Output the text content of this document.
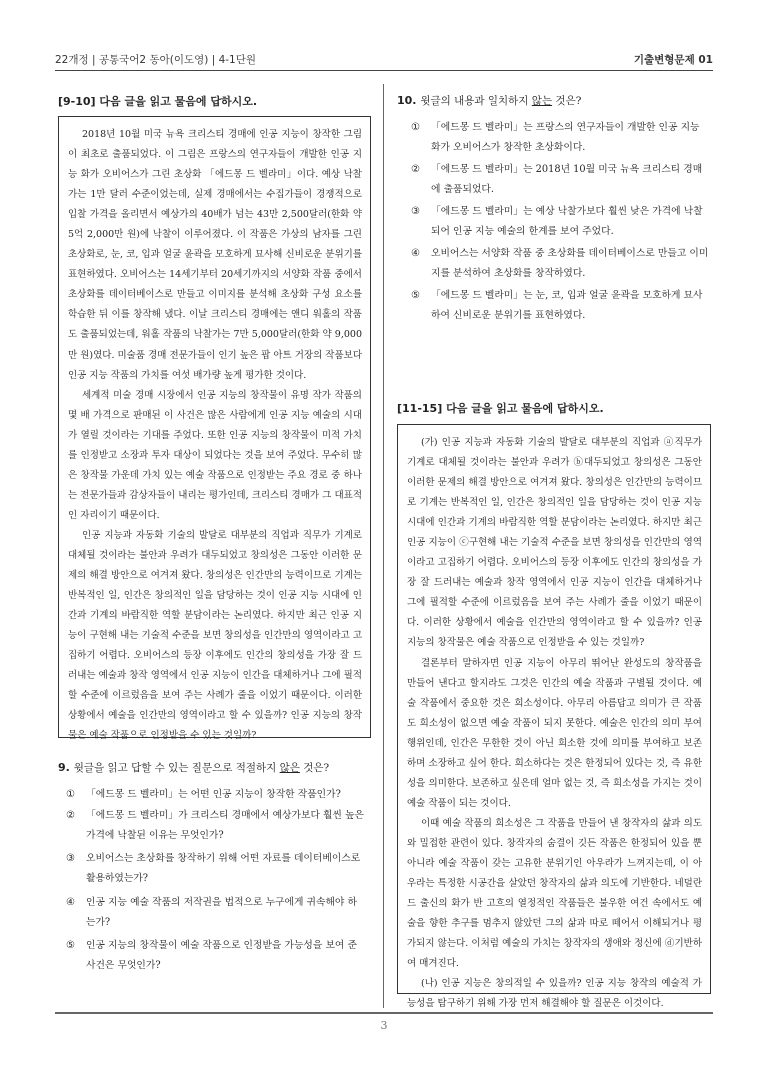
22개정 | 공통국어2 동아(이도영) | 4-1단원	기출변형문제 01
[9-10] 다음 글을 읽고 물음에 답하시오.

2018년 10월 미국 뉴욕 크리스티 경매에 인공 지능이 창작한 그림이 최초로 출품되었다. 이 그림은 프랑스의 연구자들이 개발한 인공 지능 화가 오비어스가 그린 초상화 「에드몽 드 벨라미」이다. 예상 낙찰가는 1만 달러 수준이었는데, 실제 경매에서는 수집가들이 경쟁적으로 입찰 가격을 올리면서 예상가의 40배가 넘는 43만 2,500달러(한화 약 5억 2,000만 원)에 낙찰이 이루어졌다. 이 작품은 가상의 남자를 그린 초상화로, 눈, 코, 입과 얼굴 윤곽을 모호하게 묘사해 신비로운 분위기를 표현하였다. 오비어스는 14세기부터 20세기까지의 서양화 작품 중에서 초상화를 데이터베이스로 만들고 이미지를 분석해 초상화 구성 요소를 학습한 뒤 이를 창작해 냈다. 이날 크리스티 경매에는 앤디 워홀의 작품도 출품되었는데, 워홀 작품의 낙찰가는 7만 5,000달러(한화 약 9,000만 원)였다. 미술품 경매 전문가들이 인기 높은 팝 아트 거장의 작품보다 인공 지능 작품의 가치를 여섯 배가량 높게 평가한 것이다.

세계적 미술 경매 시장에서 인공 지능의 창작물이 유명 작가 작품의 몇 배 가격으로 판매된 이 사건은 많은 사람에게 인공 지능 예술의 시대가 열릴 것이라는 기대를 주었다. 또한 인공 지능의 창작물이 미적 가치를 인정받고 소장과 투자 대상이 되었다는 것을 보여 주었다. 무수히 많은 창작물 가운데 가치 있는 예술 작품으로 인정받는 주요 경로 중 하나는 전문가들과 감상자들이 내리는 평가인데, 크리스티 경매가 그 대표적인 자리이기 때문이다.

인공 지능과 자동화 기술의 발달로 대부분의 직업과 직무가 기계로 대체될 것이라는 불안과 우려가 대두되었고 창의성은 그동안 이러한 문제의 해결 방안으로 여겨져 왔다. 창의성은 인간만의 능력이므로 기계는 반복적인 일, 인간은 창의적인 일을 담당하는 것이 인공 지능 시대에 인간과 기계의 바람직한 역할 분담이라는 논리였다. 하지만 최근 인공 지능이 구현해 내는 기술적 수준을 보면 창의성을 인간만의 영역이라고 고집하기 어렵다. 오비어스의 등장 이후에도 인간의 창의성을 가장 잘 드러내는 예술과 창작 영역에서 인공 지능이 인간을 대체하거나 그에 필적할 수준에 이르렀음을 보여 주는 사례가 줄을 이었기 때문이다. 이러한 상황에서 예술을 인간만의 영역이라고 할 수 있을까? 인공 지능의 창작물은 예술 작품으로 인정받을 수 있는 것일까?

9. 윗글을 읽고 답할 수 있는 질문으로 적절하지 않은 것은?
① 「에드몽 드 벨라미」는 어떤 인공 지능이 창작한 작품인가?
② 「에드몽 드 벨라미」가 크리스티 경매에서 예상가보다 훨씬 높은 가격에 낙찰된 이유는 무엇인가?
③ 오비어스는 초상화를 창작하기 위해 어떤 자료를 데이터베이스로 활용하였는가?
④ 인공 지능 예술 작품의 저작권을 법적으로 누구에게 귀속해야 하는가?
⑤ 인공 지능의 창작물이 예술 작품으로 인정받을 가능성을 보여 준 사건은 무엇인가?
10. 윗글의 내용과 일치하지 않는 것은?
① 「에드몽 드 벨라미」는 프랑스의 연구자들이 개발한 인공 지능 화가 오비어스가 창작한 초상화이다.
② 「에드몽 드 벨라미」는 2018년 10월 미국 뉴욕 크리스티 경매에 출품되었다.
③ 「에드몽 드 벨라미」는 예상 낙찰가보다 훨씬 낮은 가격에 낙찰되어 인공 지능 예술의 한계를 보여 주었다.
④ 오비어스는 서양화 작품 중 초상화를 데이터베이스로 만들고 이미지를 분석하여 초상화를 창작하였다.
⑤ 「에드몽 드 벨라미」는 눈, 코, 입과 얼굴 윤곽을 모호하게 묘사하여 신비로운 분위기를 표현하였다.
[11-15] 다음 글을 읽고 물음에 답하시오.

(가) 인공 지능과 자동화 기술의 발달로 대부분의 직업과 ⓐ직무가 기계로 대체될 것이라는 불안과 우려가 ⓑ대두되었고 창의성은 그동안 이러한 문제의 해결 방안으로 여겨져 왔다. 창의성은 인간만의 능력이므로 기계는 반복적인 일, 인간은 창의적인 일을 담당하는 것이 인공 지능 시대에 인간과 기계의 바람직한 역할 분담이라는 논리였다. 하지만 최근 인공 지능이 ⓒ구현해 내는 기술적 수준을 보면 창의성을 인간만의 영역이라고 고집하기 어렵다. 오비어스의 등장 이후에도 인간의 창의성을 가장 잘 드러내는 예술과 창작 영역에서 인공 지능이 인간을 대체하거나 그에 필적할 수준에 이르렀음을 보여 주는 사례가 줄을 이었기 때문이다. 이러한 상황에서 예술을 인간만의 영역이라고 할 수 있을까? 인공 지능의 창작물은 예술 작품으로 인정받을 수 있는 것일까?

결론부터 말하자면 인공 지능이 아무리 뛰어난 완성도의 창작품을 만들어 낸다고 할지라도 그것은 인간의 예술 작품과 구별될 것이다. 예술 작품에서 중요한 것은 희소성이다. 아무리 아름답고 의미가 큰 작품도 희소성이 없으면 예술 작품이 되지 못한다. 예술은 인간의 의미 부여 행위인데, 인간은 무한한 것이 아닌 희소한 것에 의미를 부여하고 보존하며 소장하고 싶어 한다. 희소하다는 것은 한정되어 있다는 것, 즉 유한성을 의미한다. 보존하고 싶은데 얼마 없는 것, 즉 희소성을 가지는 것이 예술 작품이 되는 것이다.

이때 예술 작품의 희소성은 그 작품을 만들어 낸 창작자의 삶과 의도와 밀접한 관련이 있다. 창작자의 숨결이 깃든 작품은 한정되어 있을 뿐 아니라 예술 작품이 갖는 고유한 분위기인 아우라가 느껴지는데, 이 아우라는 특정한 시공간을 살았던 창작자의 삶과 의도에 기반한다. 네덜란드 출신의 화가 반 고흐의 열정적인 작품들은 불우한 여건 속에서도 예술을 향한 추구를 멈추지 않았던 그의 삶과 따로 떼어서 이해되거나 평가되지 않는다. 이처럼 예술의 가치는 창작자의 생애와 정신에 ⓓ기반하여 매겨진다.

(나) 인공 지능은 창의적일 수 있을까? 인공 지능 창작의 예술적 가능성을 탐구하기 위해 가장 먼저 해결해야 할 질문은 이것이다.

3
